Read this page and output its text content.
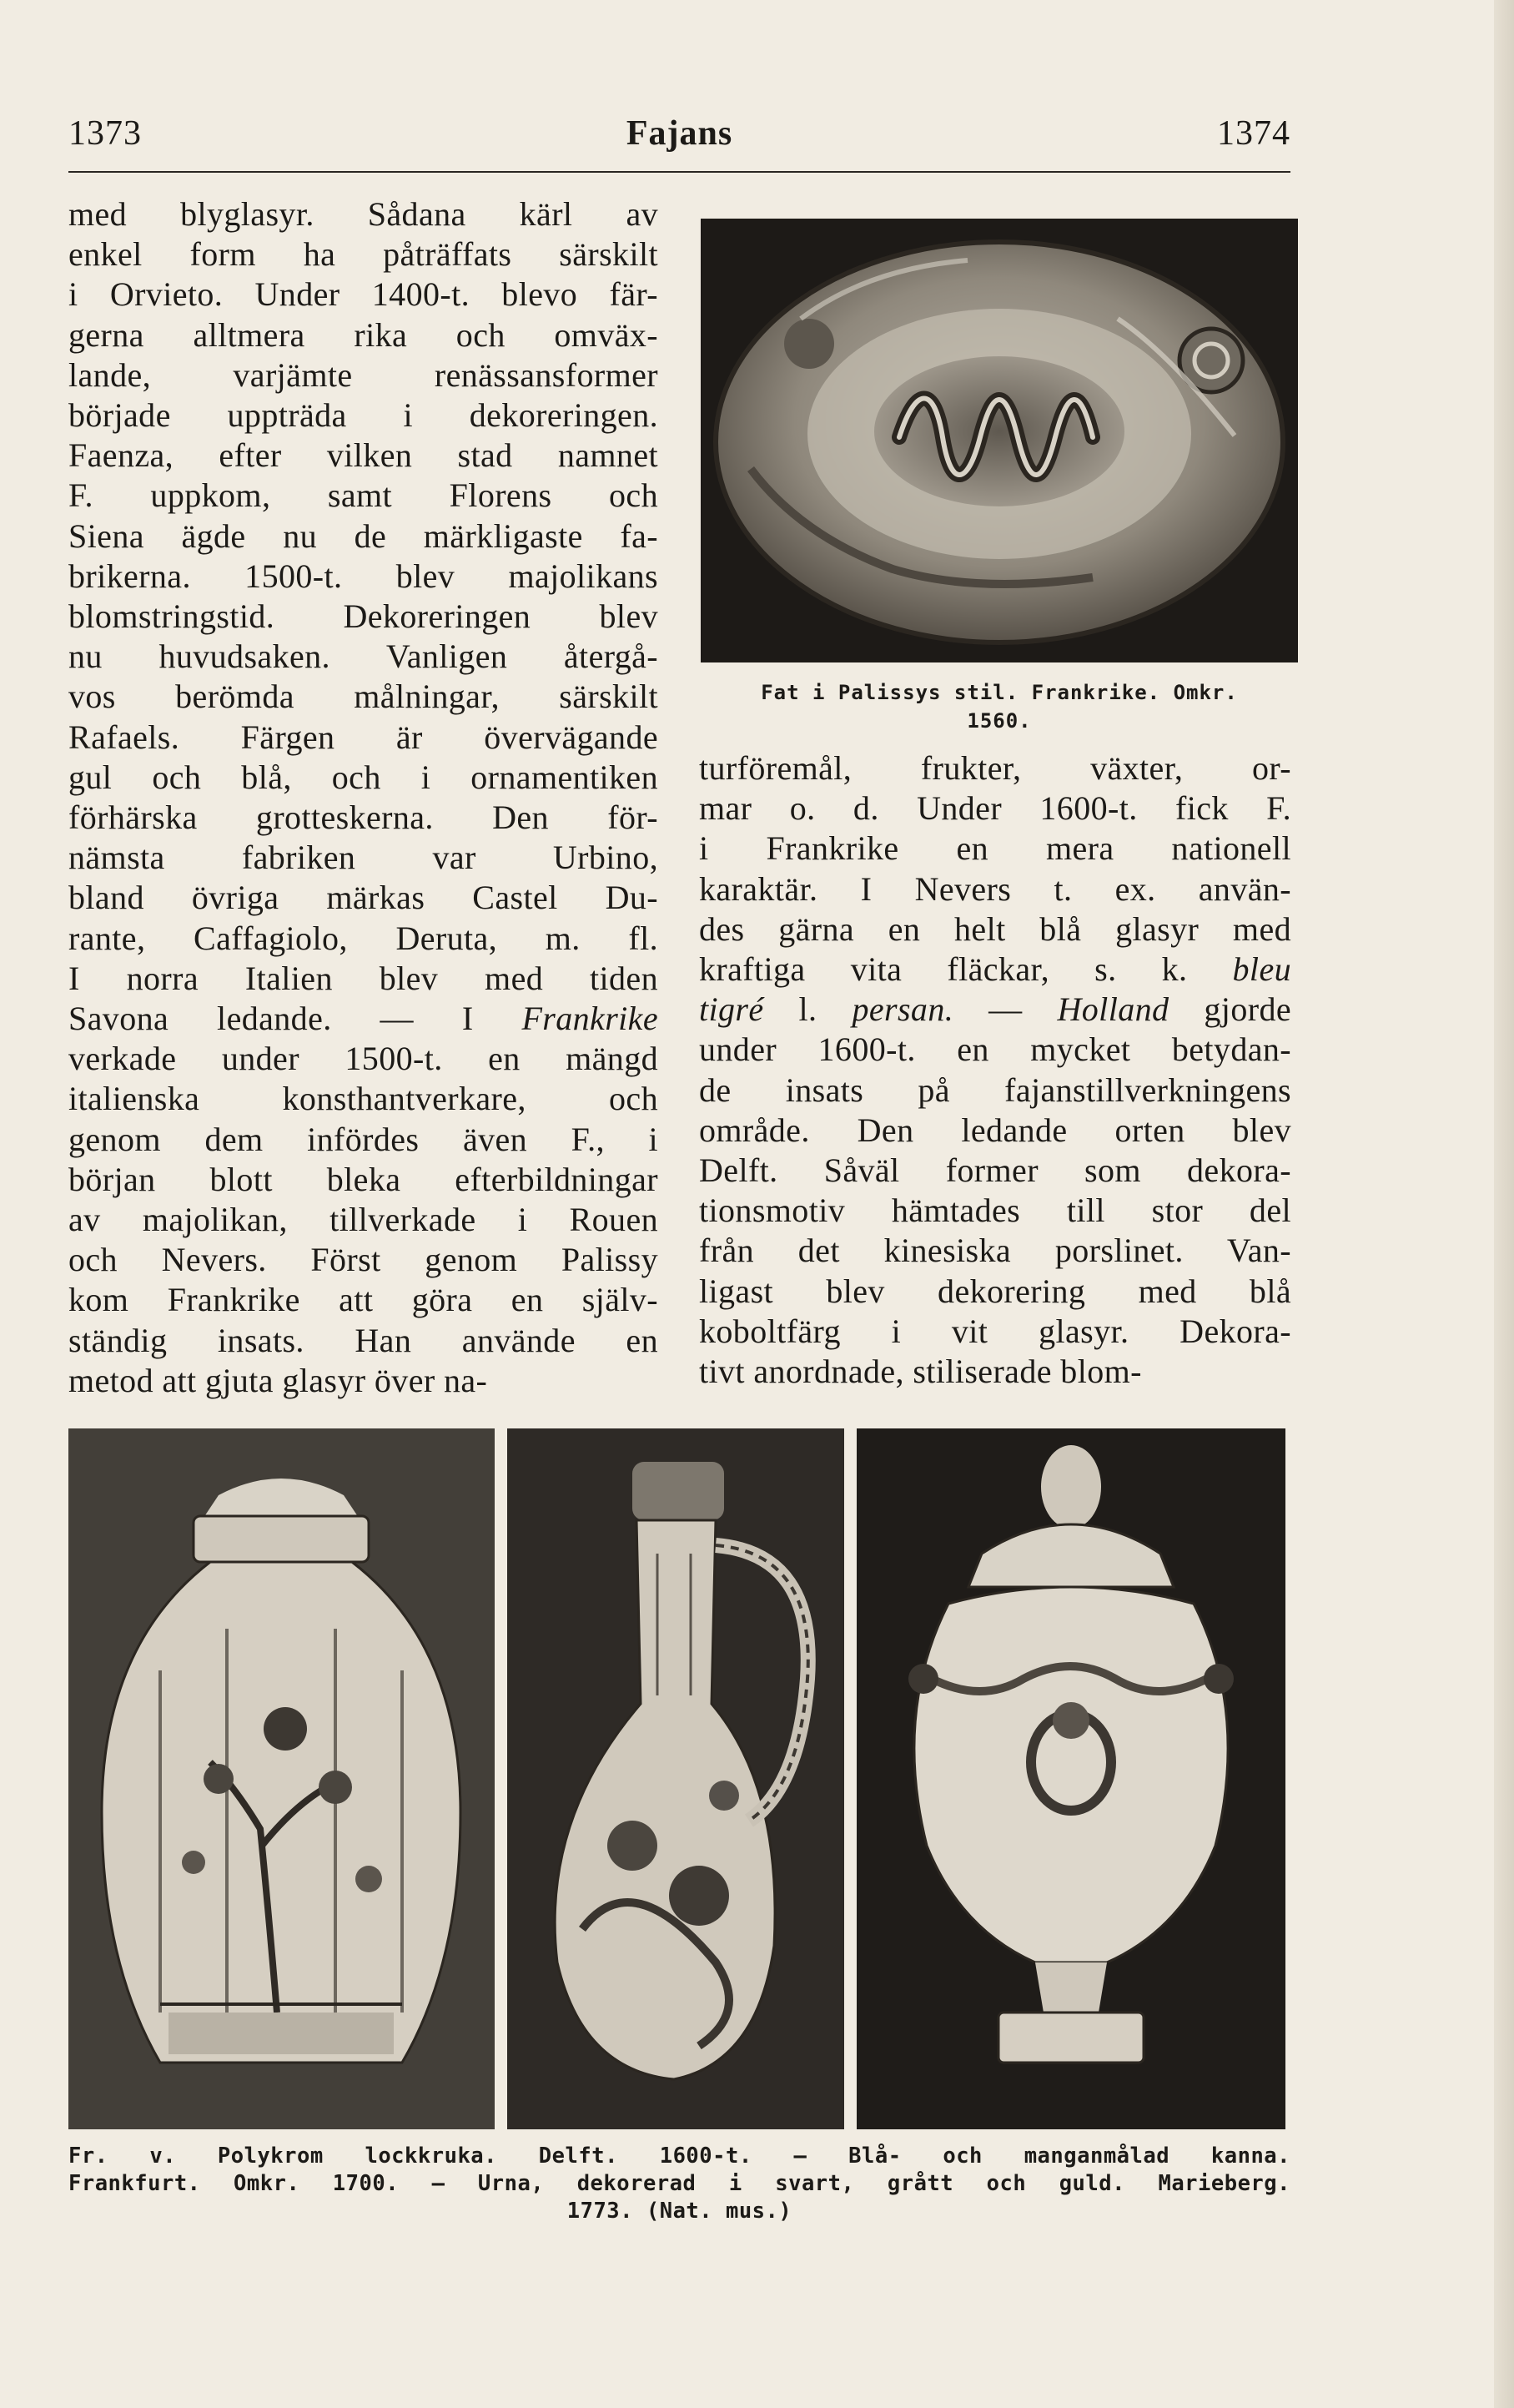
1373	Fajans	1374
med blyglasyr. Sådana kärl av
enkel form ha påträffats särskilt
i Orvieto. Under 1400-t. blevo fär-
gerna alltmera rika och omväx-
lande, varjämte renässansformer
började uppträda i dekoreringen.
Faenza, efter vilken stad namnet
F. uppkom, samt Florens och
Siena ägde nu de märkligaste fa-
brikerna. 1500-t. blev majolikans
blomstringstid. Dekoreringen blev
nu huvudsaken. Vanligen återgå-
vos berömda målningar, särskilt
Rafaels. Färgen är övervägande
gul och blå, och i ornamentiken
förhärska grotteskerna. Den för-
nämsta fabriken var Urbino,
bland övriga märkas Castel Du-
rante, Caffagiolo, Deruta, m. fl.
I norra Italien blev med tiden
Savona ledande. — I Frankrike
verkade under 1500-t. en mängd
italienska konsthantverkare, och
genom dem infördes även F., i
början blott bleka efterbildningar
av majolikan, tillverkade i Rouen
och Nevers. Först genom Palissy
kom Frankrike att göra en själv-
ständig insats. Han använde en
metod att gjuta glasyr över na-
Fat i Palissys stil. Frankrike. Omkr.
1560.
turföremål, frukter, växter, or-
mar o. d. Under 1600-t. fick F.
i Frankrike en mera nationell
karaktär. I Nevers t. ex. använ-
des gärna en helt blå glasyr med
kraftiga vita fläckar, s. k. bleu
tigré l. persan. — Holland gjorde
under 1600-t. en mycket betydan-
de insats på fajanstillverkningens
område. Den ledande orten blev
Delft. Såväl former som dekora-
tionsmotiv hämtades till stor del
från det kinesiska porslinet. Van-
ligast blev dekorering med blå
koboltfärg i vit glasyr. Dekora-
tivt anordnade, stiliserade blom-
Fr. v. Polykrom lockkruka. Delft. 1600-t. — Blå- och manganmålad kanna.
Frankfurt. Omkr. 1700. — Urna, dekorerad i svart, grått och guld. Marieberg.
1773. (Nat. mus.)
